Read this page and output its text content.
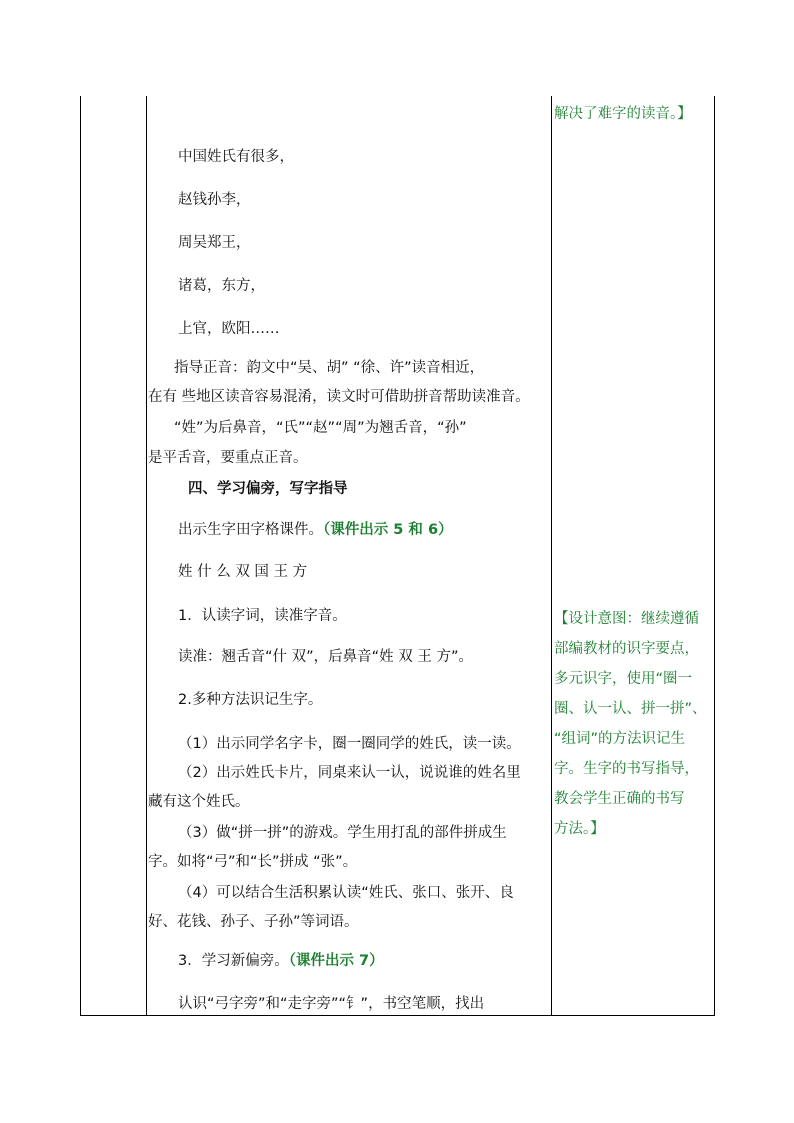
解决了难字的读音。】
【设计意图：继续遵循
部编教材的识字要点，
多元识字，使用“圈一
圈、认一认、拼一拼”、
“组词”的方法识记生
字。生字的书写指导，
教会学生正确的书写
方法。】
中国姓氏有很多，
赵钱孙李，
周吴郑王，
诸葛，东方，
上官，欧阳……
指导正音：韵文中“吴、胡” “徐、许”读音相近，
在有 些地区读音容易混淆，读文时可借助拼音帮助读准音。
“姓”为后鼻音，“氏”“赵”“周”为翘舌音，“孙”
是平舌音，要重点正音。
四、学习偏旁，写字指导
出示生字田字格课件。（课件出示 5 和 6）
姓 什 么 双 国 王 方
1．认读字词，读准字音。
读准：翘舌音“什 双”，后鼻音“姓 双 王 方”。
2.多种方法识记生字。
（1）出示同学名字卡，圈一圈同学的姓氏，读一读。
（2）出示姓氏卡片，同桌来认一认，说说谁的姓名里
藏有这个姓氏。
（3）做“拼一拼”的游戏。学生用打乱的部件拼成生
字。如将“弓”和“长”拼成 “张”。
（4）可以结合生活积累认读“姓氏、张口、张开、良
好、花钱、孙子、子孙”等词语。
3．学习新偏旁。（课件出示 7）
认识“弓字旁”和“走字旁”“钅”，书空笔顺，找出
